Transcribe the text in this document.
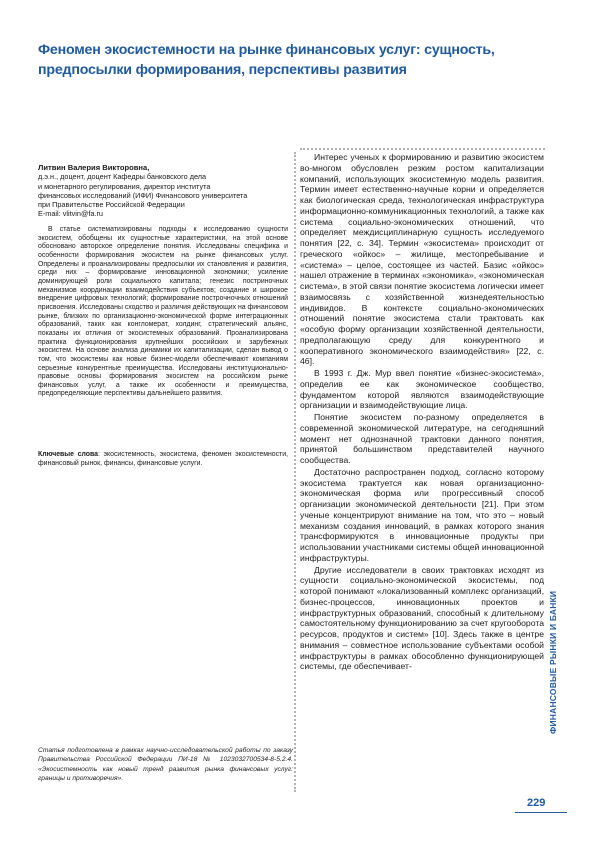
Феномен экосистемности на рынке финансовых услуг: сущность, предпосылки формирования, перспективы развития
Литвин Валерия Викторовна,
д.э.н., доцент, доцент Кафедры банковского дела
и монетарного регулирования, директор института
финансовых исследований (ИФИ) Финансового университета
при Правительстве Российской Федерации
E-mail: vlitvin@fa.ru

В статье систематизированы подходы к исследованию сущности экосистем, обобщены их сущностные характеристики, на этой основе обосновано авторское определение понятия. Исследованы специфика и особенности формирования экосистем на рынке финансовых услуг. Определены и проанализированы предпосылки их становления и развития, среди них – формирование инновационной экономики; усиление доминирующей роли социального капитала; генезис постриночных механизмов координации взаимодействия субъектов; создание и широкое внедрение цифровых технологий; формирование построчночных отношений присвоения. Исследованы сходство и различия действующих на финансовом рынке, близких по организационно-экономической форме интеграционных образований, таких как конгломерат, холдинг, стратегический альянс, показаны их отличия от экосистемных образований. Проанализирована практика функционирования крупнейших российских и зарубежных экосистем. На основе анализа динамики их капитализации, сделан вывод о том, что экосистемы как новые бизнес-модели обеспечивают компаниям серьезные конкурентные преимущества. Исследованы институционально-правовые основы формирования экосистем на российском рынке финансовых услуг, а также их особенности и преимущества, предопределяющие перспективы дальнейшего развития.

Ключевые слова: экосистемность, экосистема, феномен экосистемности, финансовый рынок, финансы, финансовые услуги.
Статья подготовлена в рамках научно-исследовательской работы по заказу Правительства Российской Федерации ПИ-18 № 1023032700534-8-5.2.4. «Экосистемность как новый тренд развития рынка финансовых услуг: границы и противоречия».

Интерес ученых к формированию и развитию экосистем во-многом обусловлен резким ростом капитализации компаний, использующих экосистемную модель развития. Термин имеет естественно-научные корни и определяется как биологическая среда, технологическая инфраструктура информационно-коммуникационных технологий, а также как система социально-экономических отношений, что определяет междисциплинарную сущность исследуемого понятия [22, с. 34]. Термин «экосистема» происходит от греческого «ойкос» – жилище, местопребывание и «система» – целое, состоящее из частей. Базис «ойкос» нашел отражение в терминах «экономика», «экономическая система», в этой связи понятие экосистема логически имеет взаимосвязь с хозяйственной жизнедеятельностью индивидов. В контексте социально-экономических отношений понятие экосистема стали трактовать как «особую форму организации хозяйственной деятельности, предполагающую среду для конкурентного и кооперативного экономического взаимодействия» [22, с. 46].

В 1993 г. Дж. Мур ввел понятие «бизнес-экосистема», определив ее как экономическое сообщество, фундаментом которой являются взаимодействующие организации и взаимодействующие лица.

Понятие экосистем по-разному определяется в современной экономической литературе, на сегодняшний момент нет однозначной трактовки данного понятия, принятой большинством представителей научного сообщества.

Достаточно распространен подход, согласно которому экосистема трактуется как новая организационно-экономическая форма или прогрессивный способ организации экономической деятельности [21]. При этом ученые концентрируют внимание на том, что это – новый механизм создания инноваций, в рамках которого знания трансформируются в инновационные продукты при использовании участниками системы общей инновационной инфраструктуры.

Другие исследователи в своих трактовках исходят из сущности социально-экономической экосистемы, под которой понимают «локализованный комплекс организаций, бизнес-процессов, инновационных проектов и инфраструктурных образований, способный к длительному самостоятельному функционированию за счет кругооборота ресурсов, продуктов и систем» [10]. Здесь также в центре внимания – совместное использование субъектами особой инфраструктуры в рамках обособленно функционирующей системы, где обеспечивает-	ФИНАНСОВЫЕ РЫНКИ И БАНКИ
229
